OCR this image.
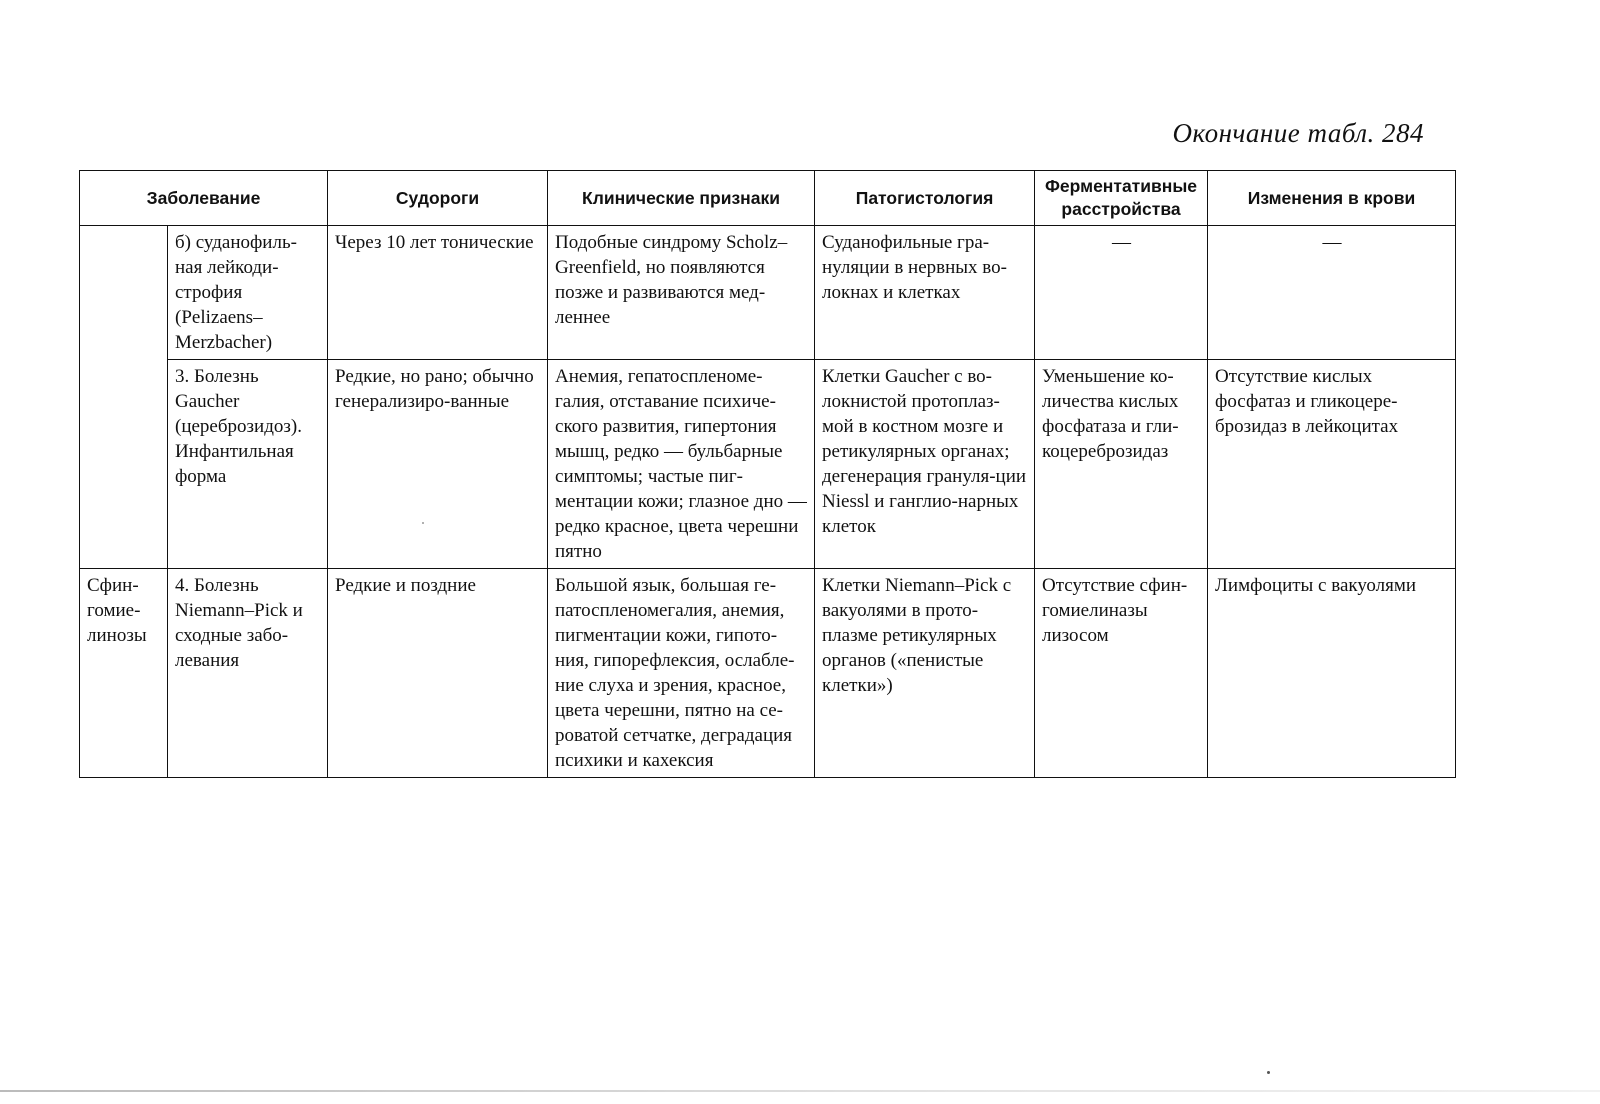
Окончание табл. 284
Заболевание		Судороги	Клинические признаки	Патогистология	Ферментативные расстройства	Изменения в крови
	б) суданофиль-ная лейкоди-строфия (Pelizaens–Merzbacher)	Через 10 лет тонические	Подобные синдрому Scholz–Greenfield, но появляются позже и развиваются мед-леннее	Суданофильные гра-нуляции в нервных во-локнах и клетках	—	—
	3. Болезнь Gaucher (цереброзидоз). Инфантильная форма	Редкие, но рано; обычно генерализиро-ванные	Анемия, гепатоспленоме-галия, отставание психиче-ского развития, гипертония мышц, редко — бульбарные симптомы; частые пиг-ментации кожи; глазное дно — редко красное, цвета черешни пятно	Клетки Gaucher с во-локнистой протоплаз-мой в костном мозге и ретикулярных органах; дегенерация грануля-ции Niessl и ганглио-нарных клеток	Уменьшение ко-личества кислых фосфатаза и гли-коцереброзидаз	Отсутствие кислых фосфатаз и гликоцере-брозидаз в лейкоцитах
Сфин-гомие-линозы	4. Болезнь Niemann–Pick и сходные забо-левания	Редкие и поздние	Большой язык, большая ге-патоспленомегалия, анемия, пигментации кожи, гипото-ния, гипорефлексия, ослабле-ние слуха и зрения, красное, цвета черешни, пятно на се-роватой сетчатке, деградация психики и кахексия	Клетки Niemann–Pick с вакуолями в прото-плазме ретикулярных органов («пенистые клетки»)	Отсутствие сфин-гомиелиназы лизосом	Лимфоциты с вакуолями
